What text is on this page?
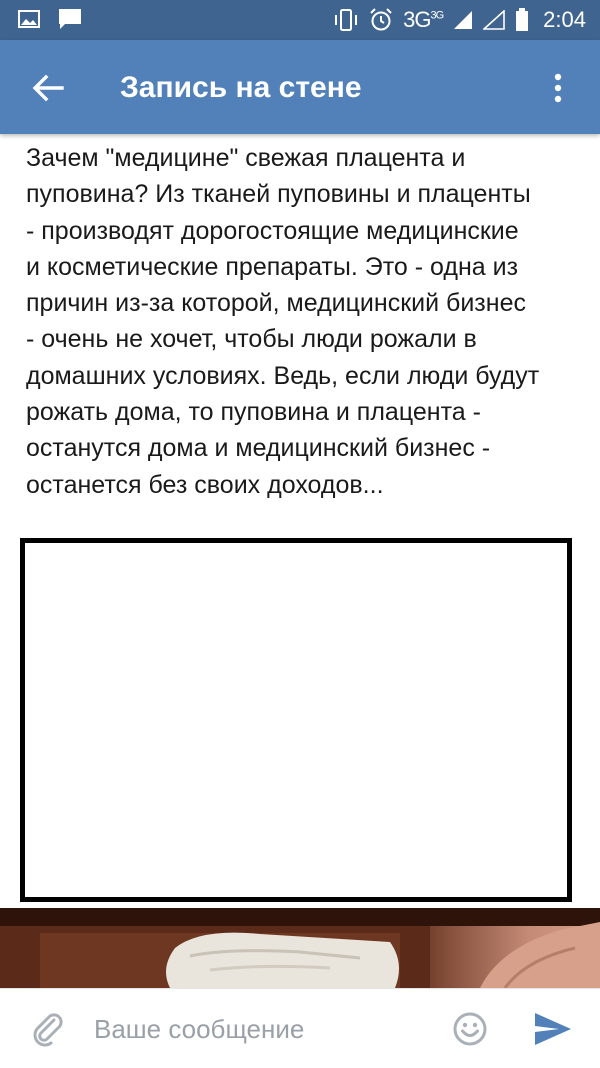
$3G^{3G}$	2:04
Запись на стене
Зачем "медицине" свежая плацента и
пуповина? Из тканей пуповины и плаценты
- производят дорогостоящие медицинские
и косметические препараты. Это - одна из
причин из-за которой, медицинский бизнес
- очень не хочет, чтобы люди рожали в
домашних условиях. Ведь, если люди будут
рожать дома, то пуповина и плацента -
останутся дома и медицинский бизнес -
останется без своих доходов...
Ваше сообщение
